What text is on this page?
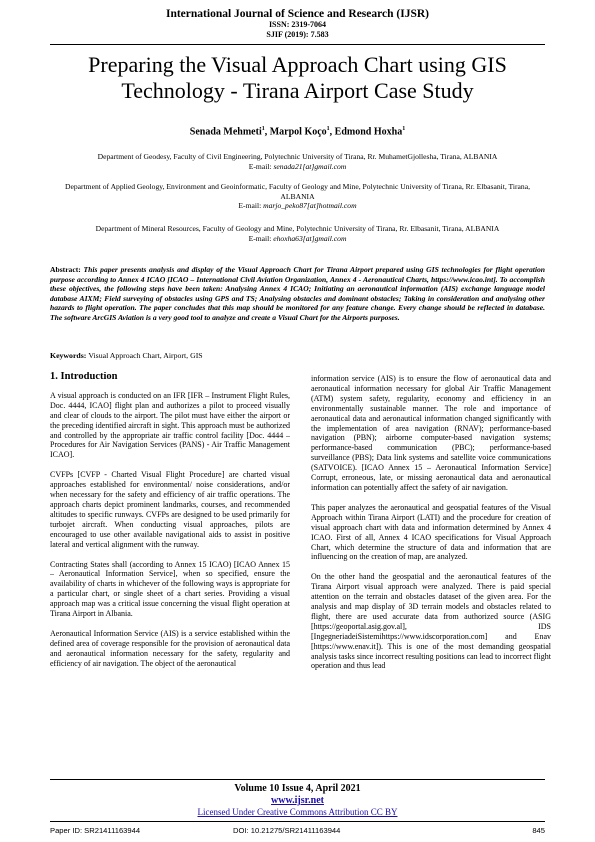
International Journal of Science and Research (IJSR)
ISSN: 2319-7064
SJIF (2019): 7.583
Preparing the Visual Approach Chart using GIS Technology - Tirana Airport Case Study
Senada Mehmeti$^1$, Marpol Koço$^1$, Edmond Hoxha$^1$
Department of Geodesy, Faculty of Civil Engineering, Polytechnic University of Tirana, Rr. MuhametGjollesha, Tirana, ALBANIA
E-mail: senada21[at]gmail.com
Department of Applied Geology, Environment and Geoinformatic, Faculty of Geology and Mine, Polytechnic University of Tirana, Rr. Elbasanit, Tirana, ALBANIA
E-mail: marjo_peko87[at]hotmail.com
Department of Mineral Resources, Faculty of Geology and Mine, Polytechnic University of Tirana, Rr. Elbasanit, Tirana, ALBANIA
E-mail: ehoxha63[at]gmail.com
Abstract: This paper presents analysis and display of the Visual Approach Chart for Tirana Airport prepared using GIS technologies for flight operation purpose according to Annex 4 ICAO [ICAO – International Civil Aviation Organization, Annex 4 - Aeronautical Charts, https://www.icao.int]. To accomplish these objectives, the following steps have been taken: Analysing Annex 4 ICAO; Initiating an aeronautical information (AIS) exchange language model database AIXM; Field surveying of obstacles using GPS and TS; Analysing obstacles and dominant obstacles; Taking in consideration and analysing other hazards to flight operation. The paper concludes that this map should be monitored for any feature change. Every change should be reflected in database. The software ArcGIS Aviation is a very good tool to analyze and create a Visual Chart for the Airports purposes.
Keywords: Visual Approach Chart, Airport, GIS
1. Introduction

A visual approach is conducted on an IFR [IFR – Instrument Flight Rules, Doc. 4444, ICAO] flight plan and authorizes a pilot to proceed visually and clear of clouds to the airport. The pilot must have either the airport or the preceding identified aircraft in sight. This approach must be authorized and controlled by the appropriate air traffic control facility [Doc. 4444 – Procedures for Air Navigation Services (PANS) - Air Traffic Management ICAO].

CVFPs [CVFP - Charted Visual Flight Procedure] are charted visual approaches established for environmental/ noise considerations, and/or when necessary for the safety and efficiency of air traffic operations. The approach charts depict prominent landmarks, courses, and recommended altitudes to specific runways. CVFPs are designed to be used primarily for turbojet aircraft. When conducting visual approaches, pilots are encouraged to use other available navigational aids to assist in positive lateral and vertical alignment with the runway.

Contracting States shall (according to Annex 15 ICAO) [ICAO Annex 15 – Aeronautical Information Service], when so specified, ensure the availability of charts in whichever of the following ways is appropriate for a particular chart, or single sheet of a chart series. Providing a visual approach map was a critical issue concerning the visual flight operation at Tirana Airport in Albania.

Aeronautical Information Service (AIS) is a service established within the defined area of coverage responsible for the provision of aeronautical data and aeronautical information necessary for the safety, regularity and efficiency of air navigation. The object of the aeronautical

information service (AIS) is to ensure the flow of aeronautical data and aeronautical information necessary for global Air Traffic Management (ATM) system safety, regularity, economy and efficiency in an environmentally sustainable manner. The role and importance of aeronautical data and aeronautical information changed significantly with the implementation of area navigation (RNAV); performance-based navigation (PBN); airborne computer-based navigation systems; performance-based communication (PBC); performance-based surveillance (PBS); Data link systems and satellite voice communications (SATVOICE). [ICAO Annex 15 – Aeronautical Information Service] Corrupt, erroneous, late, or missing aeronautical data and aeronautical information can potentially affect the safety of air navigation.

This paper analyzes the aeronautical and geospatial features of the Visual Approach within Tirana Airport (LATI) and the procedure for creation of visual approach chart with data and information determined by Annex 4 ICAO. First of all, Annex 4 ICAO specifications for Visual Approach Chart, which determine the structure of data and information that are influencing on the creation of map, are analyzed.

On the other hand the geospatial and the aeronautical features of the Tirana Airport visual approach were analyzed. There is paid special attention on the terrain and obstacles dataset of the given area. For the analysis and map display of 3D terrain models and obstacles related to flight, there are used accurate data from authorized source (ASIG [https://geoportal.asig.gov.al], IDS [IngegneriadeiSistemihttps://www.idscorporation.com] and Enav [https://www.enav.it]). This is one of the most demanding geospatial analysis tasks since incorrect resulting positions can lead to incorrect flight operation and thus lead

Volume 10 Issue 4, April 2021
www.ijsr.net
Licensed Under Creative Commons Attribution CC BY
Paper ID: SR21411163944	DOI: 10.21275/SR21411163944	845
